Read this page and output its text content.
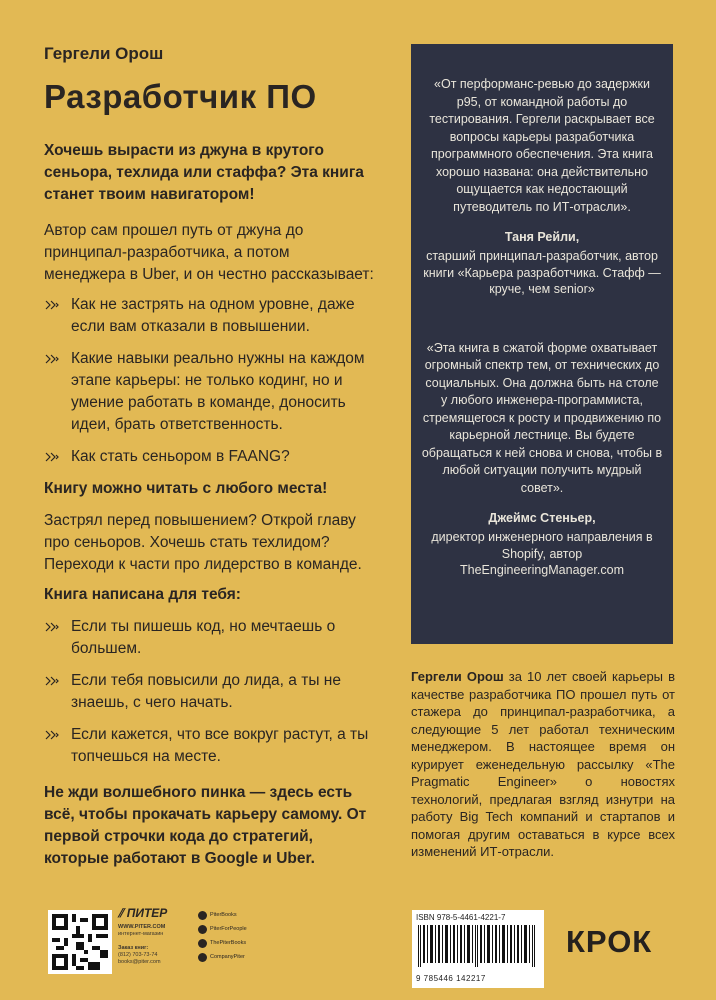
Гергели Орош
Разработчик ПО

Хочешь вырасти из джуна в крутого сеньора, техлида или стаффа? Эта книга станет твоим навигатором!

Автор сам прошел путь от джуна до принципал-разработчика, а потом менеджера в Uber, и он честно рассказывает:

Как не застрять на одном уровне, даже если вам отказали в повышении.
Какие навыки реально нужны на каждом этапе карьеры: не только кодинг, но и умение работать в команде, доносить идеи, брать ответственность.
Как стать сеньором в FAANG?
Книгу можно читать с любого места!

Застрял перед повышением? Открой главу про сеньоров. Хочешь стать техлидом? Переходи к части про лидерство в команде.

Книга написана для тебя:
Если ты пишешь код, но мечтаешь о большем.
Если тебя повысили до лида, а ты не знаешь, с чего начать.
Если кажется, что все вокруг растут, а ты топчешься на месте.

Не жди волшебного пинка — здесь есть всё, чтобы прокачать карьеру самому. От первой строчки кода до стратегий, которые работают в Google и Uber.

«От перформанс-ревью до задержки p95, от командной работы до тестирования. Гергели раскрывает все вопросы карьеры разработчика программного обеспечения. Эта книга хорошо названа: она действительно ощущается как недостающий путеводитель по ИТ-отрасли».

Таня Рейли,

старший принципал-разработчик, автор книги «Карьера разработчика. Стафф — круче, чем senior»

«Эта книга в сжатой форме охватывает огромный спектр тем, от технических до социальных. Она должна быть на столе у любого инженера-программиста, стремящегося к росту и продвижению по карьерной лестнице. Вы будете обращаться к ней снова и снова, чтобы в любой ситуации получить мудрый совет».

Джеймс Стеньер,

директор инженерного направления в Shopify, автор TheEngineeringManager.com

Гергели Орош за 10 лет своей карьеры в качестве разработчика ПО прошел путь от стажера до принципал-разработчика, а следующие 5 лет работал техническим менеджером. В настоящее время он курирует еженедельную рассылку «The Pragmatic Engineer» о новостях технологий, предлагая взгляд изнутри на работу Big Tech компаний и стартапов и помогая другим оставаться в курсе всех изменений ИТ-отрасли.

⫽ ПИТЕР
WWW.PITER.COM
интернет-магазин
Заказ книг:
(812) 703-73-74
books@piter.com
PiterBooks
PiterForPeople
ThePiterBooks
CompanyPiter
ISBN 978-5-4461-4221-7
9 785446 142217
КРОК
